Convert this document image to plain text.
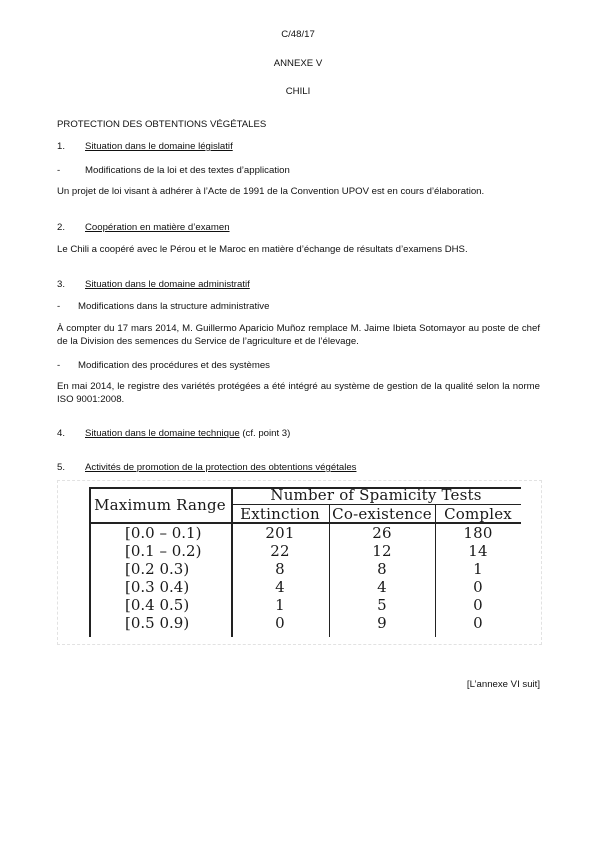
C/48/17
ANNEXE V
CHILI
PROTECTION DES OBTENTIONS VÉGÉTALES
1. Situation dans le domaine législatif
-	Modifications de la loi et des textes d’application
Un projet de loi visant à adhérer à l’Acte de 1991 de la Convention UPOV est en cours d’élaboration.
2. Coopération en matière d’examen
Le Chili a coopéré avec le Pérou et le Maroc en matière d’échange de résultats d’examens DHS.
3. Situation dans le domaine administratif
- Modifications dans la structure administrative
À compter du 17 mars 2014, M. Guillermo Aparicio Muñoz remplace M. Jaime Ibieta Sotomayor au poste de chef de la Division des semences du Service de l’agriculture et de l’élevage.
- Modification des procédures et des systèmes
En mai 2014, le registre des variétés protégées a été intégré au système de gestion de la qualité selon la norme ISO 9001:2008.
4. Situation dans le domaine technique (cf. point 3)
5. Activités de promotion de la protection des obtentions végétales
Maximum Range
Number of Spamicity Tests
Extinction Co-existence Complex
[0.0 – 0.1)	201	26	180
[0.1 – 0.2)	22	12	14
[0.2 0.3)	8	8	1
[0.3 0.4)	4	4	0
[0.4 0.5)	1	5	0
[0.5 0.9)	0	9	0
[L’annexe VI suit]
